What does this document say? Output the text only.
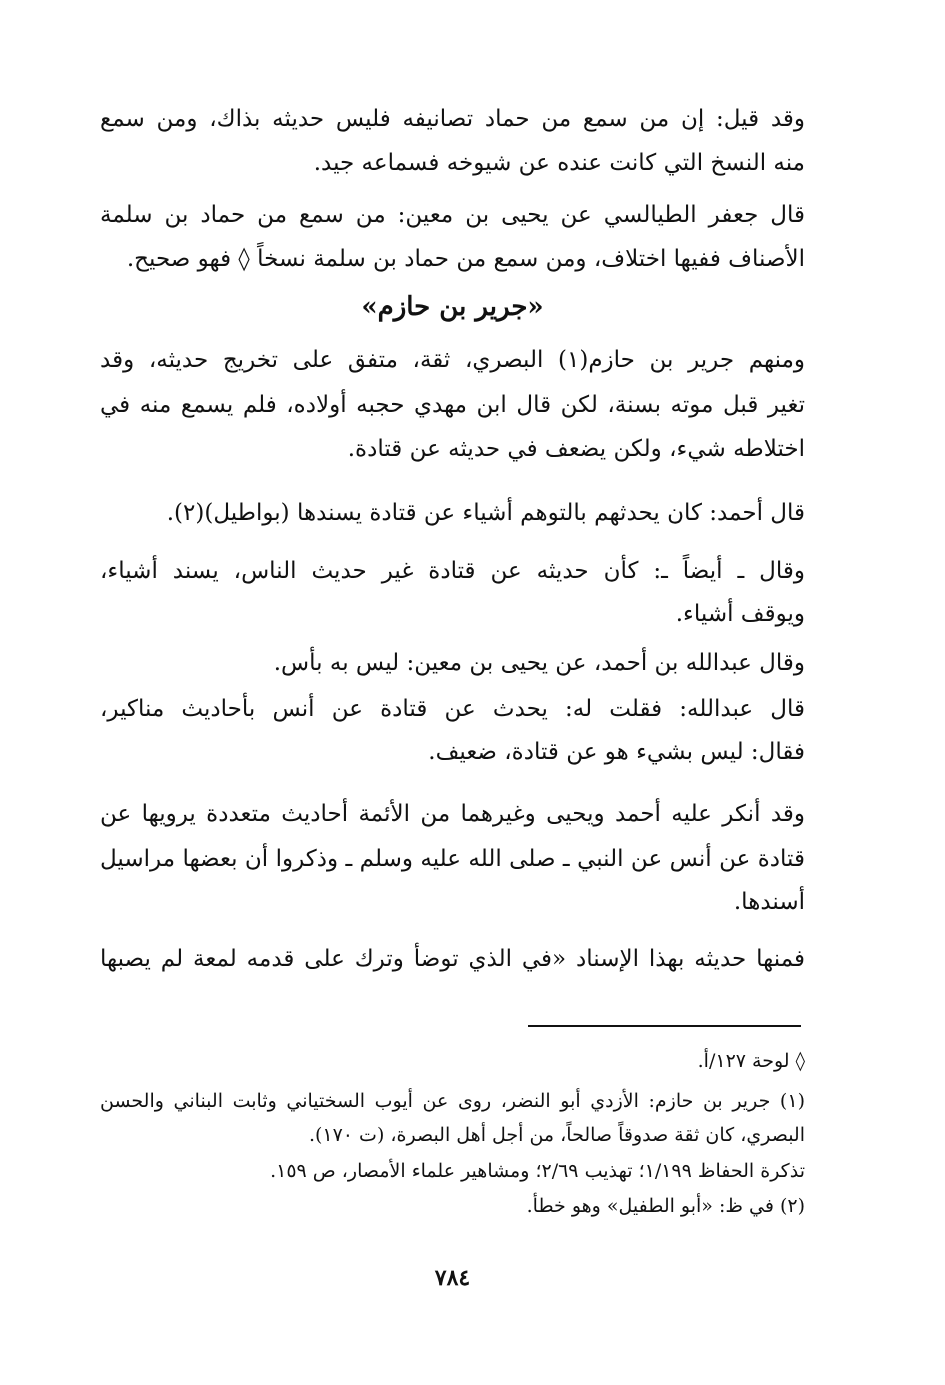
وقد قيل: إن من سمع من حماد تصانيفه فليس حديثه بذاك، ومن سمع
منه النسخ التي كانت عنده عن شيوخه فسماعه جيد.
قال جعفر الطيالسي عن يحيى بن معين: من سمع من حماد بن سلمة
الأصناف ففيها اختلاف، ومن سمع من حماد بن سلمة نسخاً ◊ فهو صحيح.
«جرير بن حازم»
ومنهم جرير بن حازم(١) البصري، ثقة، متفق على تخريج حديثه، وقد
تغير قبل موته بسنة، لكن قال ابن مهدي حجبه أولاده، فلم يسمع منه في
اختلاطه شيء، ولكن يضعف في حديثه عن قتادة.
قال أحمد: كان يحدثهم بالتوهم أشياء عن قتادة يسندها (بواطيل)(٢).
وقال ـ أيضاً ـ: كأن حديثه عن قتادة غير حديث الناس، يسند أشياء،
ويوقف أشياء.
وقال عبدالله بن أحمد، عن يحيى بن معين: ليس به بأس.
قال عبدالله: فقلت له: يحدث عن قتادة عن أنس بأحاديث مناكير،
فقال: ليس بشيء هو عن قتادة، ضعيف.
وقد أنكر عليه أحمد ويحيى وغيرهما من الأئمة أحاديث متعددة يرويها عن
قتادة عن أنس عن النبي ـ صلى الله عليه وسلم ـ وذكروا أن بعضها مراسيل
أسندها.
فمنها حديثه بهذا الإسناد «في الذي توضأ وترك على قدمه لمعة لم يصبها
◊ لوحة ١٢٧/أ.
(١) جرير بن حازم: الأزدي أبو النضر، روى عن أيوب السختياني وثابت البناني والحسن
البصري، كان ثقة صدوقاً صالحاً، من أجل أهل البصرة، (ت ١٧٠).
تذكرة الحفاظ ١/١٩٩؛ تهذيب ٢/٦٩؛ ومشاهير علماء الأمصار، ص ١٥٩.
(٢) في ظ: «أبو الطفيل» وهو خطأ.
٧٨٤
